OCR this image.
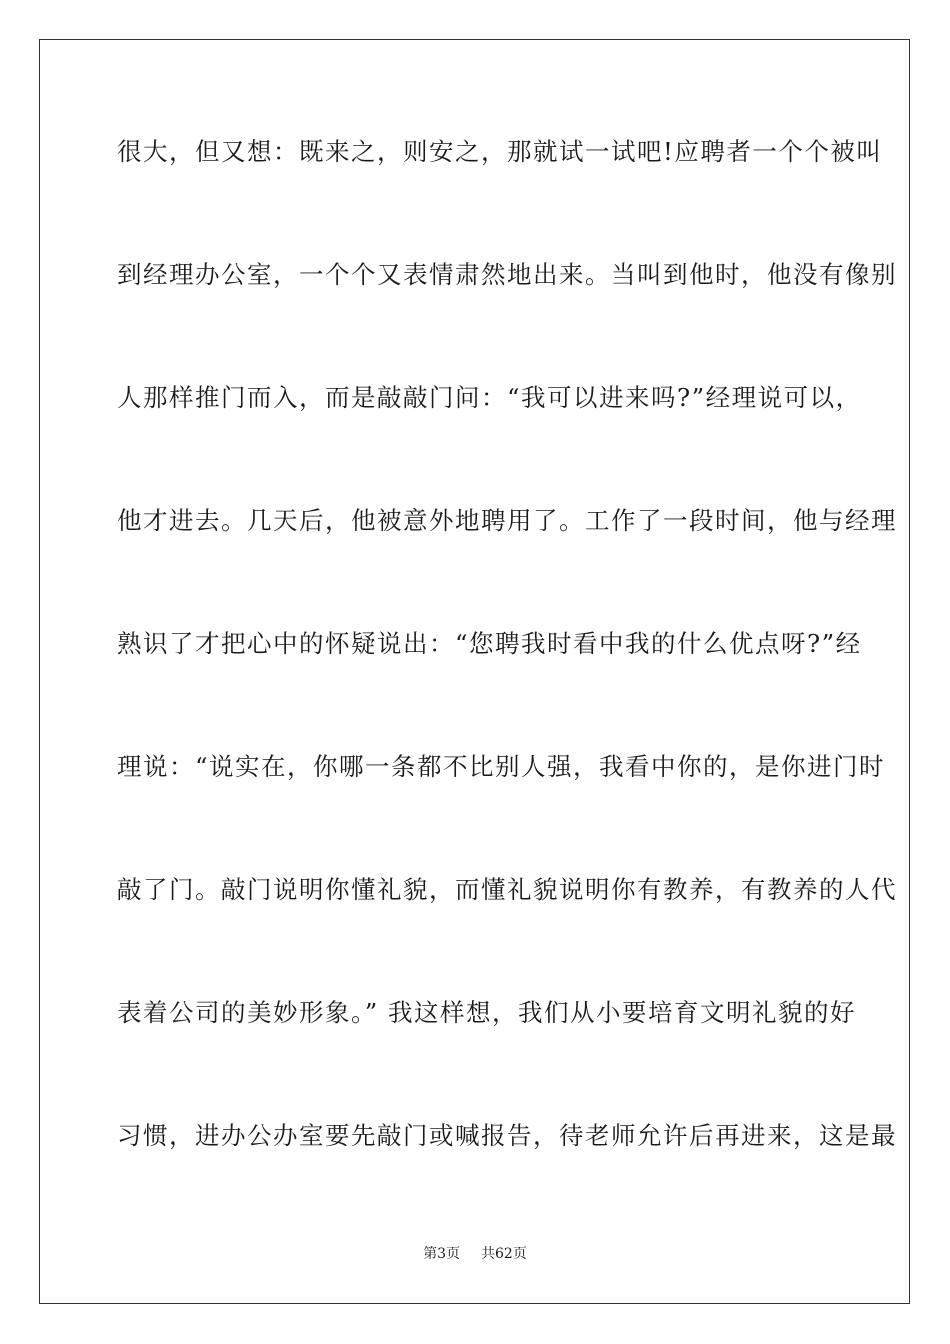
很大，但又想：既来之，则安之，那就试一试吧!应聘者一个个被叫
到经理办公室，一个个又表情肃然地出来。当叫到他时，他没有像别
人那样推门而入，而是敲敲门问：“我可以进来吗?”经理说可以，
他才进去。几天后，他被意外地聘用了。工作了一段时间，他与经理
熟识了才把心中的怀疑说出：“您聘我时看中我的什么优点呀?”经
理说：“说实在，你哪一条都不比别人强，我看中你的，是你进门时
敲了门。敲门说明你懂礼貌，而懂礼貌说明你有教养，有教养的人代
表着公司的美妙形象。” 我这样想，我们从小要培育文明礼貌的好
习惯，进办公办室要先敲门或喊报告，待老师允许后再进来，这是最
第3页 共62页
